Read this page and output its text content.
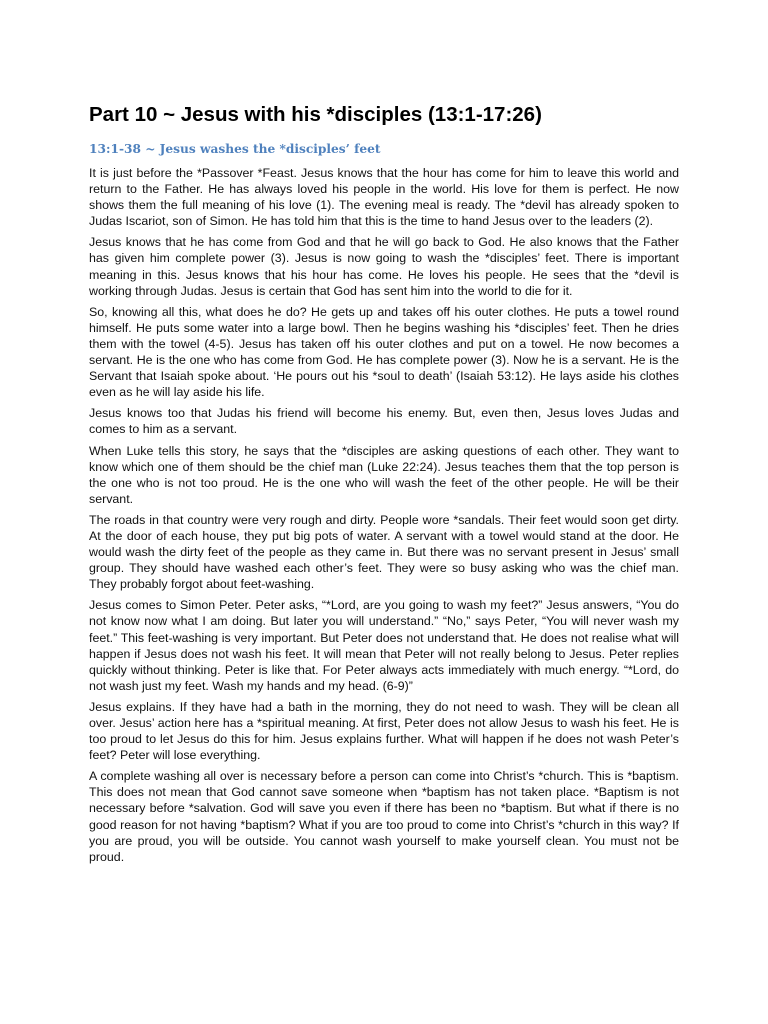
Part 10 ~ Jesus with his *disciples (13:1-17:26)
13:1-38 ~ Jesus washes the *disciples’ feet

It is just before the *Passover *Feast. Jesus knows that the hour has come for him to leave this world and return to the Father. He has always loved his people in the world. His love for them is perfect. He now shows them the full meaning of his love (1). The evening meal is ready. The *devil has already spoken to Judas Iscariot, son of Simon. He has told him that this is the time to hand Jesus over to the leaders (2).

Jesus knows that he has come from God and that he will go back to God. He also knows that the Father has given him complete power (3). Jesus is now going to wash the *disciples’ feet. There is important meaning in this. Jesus knows that his hour has come. He loves his people. He sees that the *devil is working through Judas. Jesus is certain that God has sent him into the world to die for it.

So, knowing all this, what does he do? He gets up and takes off his outer clothes. He puts a towel round himself. He puts some water into a large bowl. Then he begins washing his *disciples’ feet. Then he dries them with the towel (4-5). Jesus has taken off his outer clothes and put on a towel. He now becomes a servant. He is the one who has come from God. He has complete power (3). Now he is a servant. He is the Servant that Isaiah spoke about. ‘He pours out his *soul to death’ (Isaiah 53:12). He lays aside his clothes even as he will lay aside his life.

Jesus knows too that Judas his friend will become his enemy. But, even then, Jesus loves Judas and comes to him as a servant.

When Luke tells this story, he says that the *disciples are asking questions of each other. They want to know which one of them should be the chief man (Luke 22:24). Jesus teaches them that the top person is the one who is not too proud. He is the one who will wash the feet of the other people. He will be their servant.

The roads in that country were very rough and dirty. People wore *sandals. Their feet would soon get dirty. At the door of each house, they put big pots of water. A servant with a towel would stand at the door. He would wash the dirty feet of the people as they came in. But there was no servant present in Jesus’ small group. They should have washed each other’s feet. They were so busy asking who was the chief man. They probably forgot about feet-washing.

Jesus comes to Simon Peter. Peter asks, “*Lord, are you going to wash my feet?” Jesus answers, “You do not know now what I am doing. But later you will understand.” “No,” says Peter, “You will never wash my feet.” This feet-washing is very important. But Peter does not understand that. He does not realise what will happen if Jesus does not wash his feet. It will mean that Peter will not really belong to Jesus. Peter replies quickly without thinking. Peter is like that. For Peter always acts immediately with much energy. “*Lord, do not wash just my feet. Wash my hands and my head. (6-9)”

Jesus explains. If they have had a bath in the morning, they do not need to wash. They will be clean all over. Jesus’ action here has a *spiritual meaning. At first, Peter does not allow Jesus to wash his feet. He is too proud to let Jesus do this for him. Jesus explains further. What will happen if he does not wash Peter’s feet? Peter will lose everything.

A complete washing all over is necessary before a person can come into Christ’s *church. This is *baptism. This does not mean that God cannot save someone when *baptism has not taken place. *Baptism is not necessary before *salvation. God will save you even if there has been no *baptism. But what if there is no good reason for not having *baptism? What if you are too proud to come into Christ’s *church in this way? If you are proud, you will be outside. You cannot wash yourself to make yourself clean. You must not be proud.
